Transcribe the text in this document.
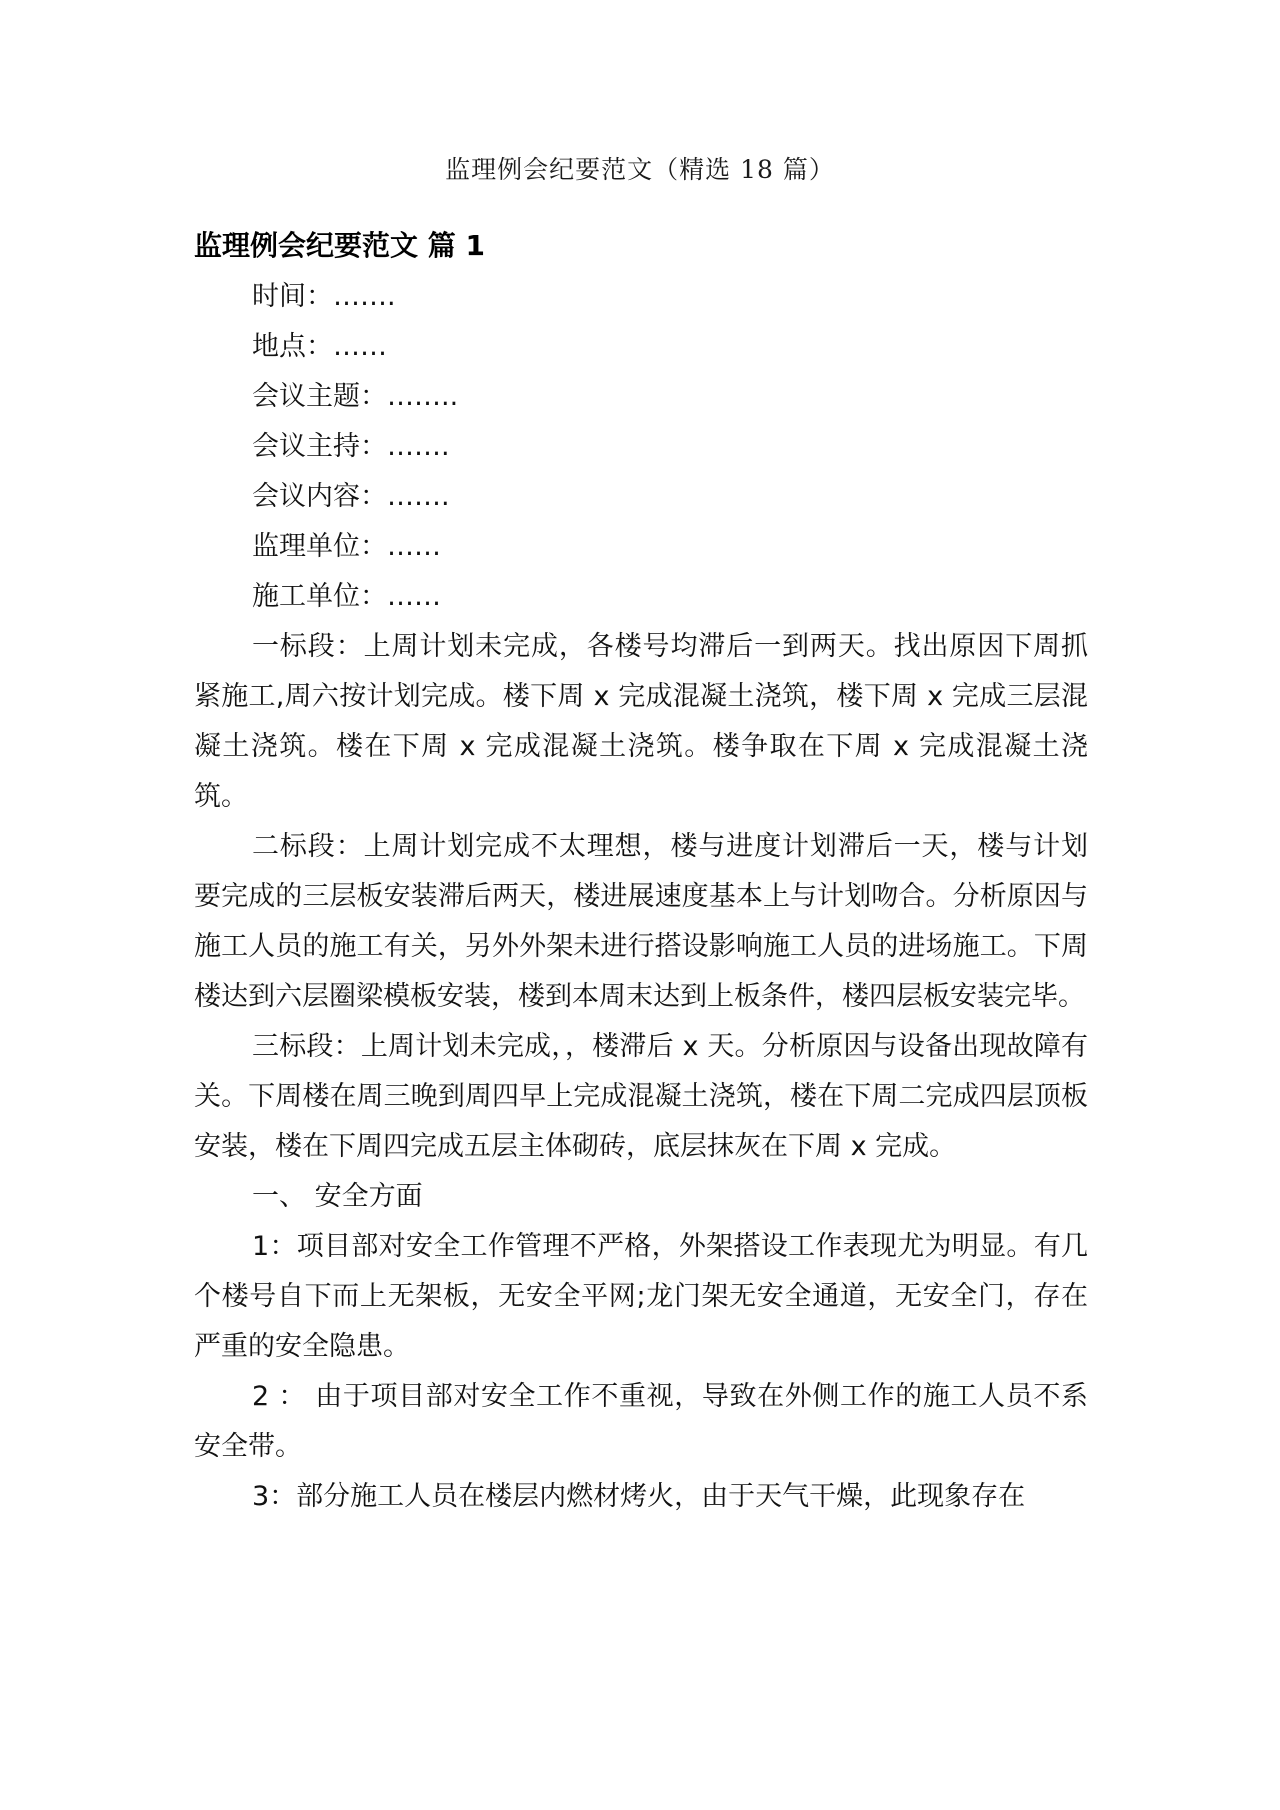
监理例会纪要范文（精选 18 篇）
监理例会纪要范文 篇 1
时间：…….
地点：……
会议主题：……..
会议主持：…….
会议内容：…….
监理单位：……
施工单位：……

一标段：上周计划未完成，各楼号均滞后一到两天。找出原因下周抓紧施工,周六按计划完成。楼下周 x 完成混凝土浇筑，楼下周 x 完成三层混凝土浇筑。楼在下周 x 完成混凝土浇筑。楼争取在下周 x 完成混凝土浇筑。

二标段：上周计划完成不太理想，楼与进度计划滞后一天，楼与计划要完成的三层板安装滞后两天，楼进展速度基本上与计划吻合。分析原因与施工人员的施工有关，另外外架未进行搭设影响施工人员的进场施工。下周楼达到六层圈梁模板安装，楼到本周末达到上板条件，楼四层板安装完毕。

三标段：上周计划未完成，，楼滞后 x 天。分析原因与设备出现故障有关。下周楼在周三晚到周四早上完成混凝土浇筑，楼在下周二完成四层顶板安装，楼在下周四完成五层主体砌砖，底层抹灰在下周 x 完成。

一、 安全方面

1：项目部对安全工作管理不严格，外架搭设工作表现尤为明显。有几个楼号自下而上无架板，无安全平网;龙门架无安全通道，无安全门，存在严重的安全隐患。

2 ： 由于项目部对安全工作不重视，导致在外侧工作的施工人员不系安全带。

3：部分施工人员在楼层内燃材烤火，由于天气干燥，此现象存在
